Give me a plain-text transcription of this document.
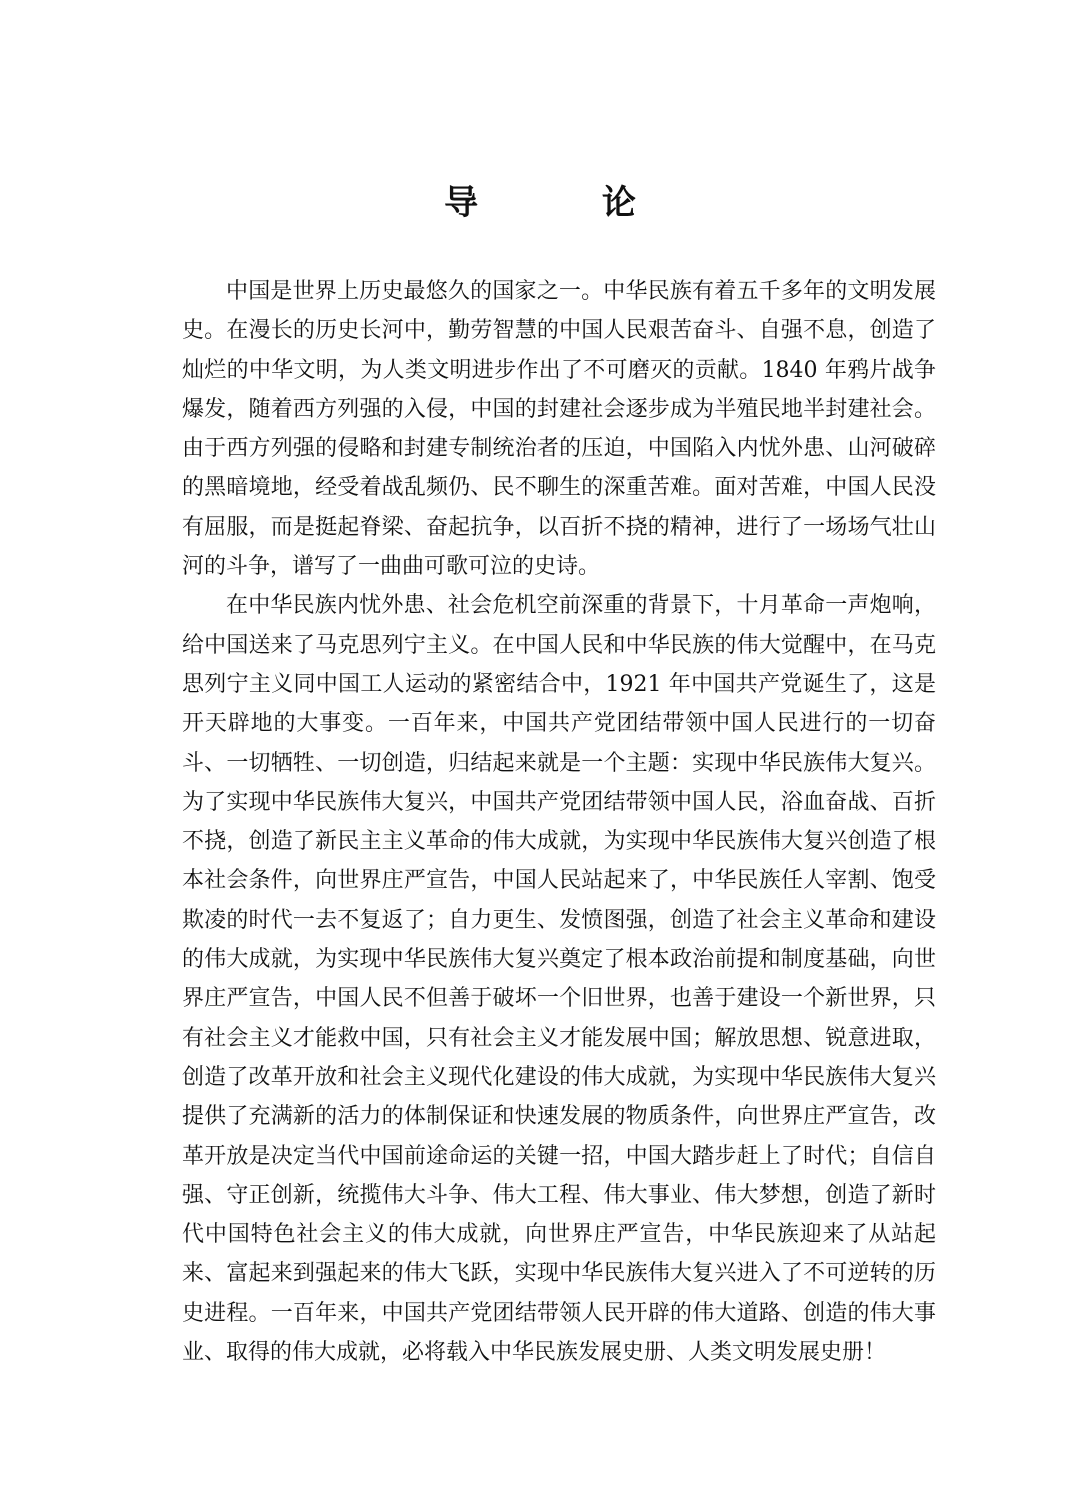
导 论

中国是世界上历史最悠久的国家之一。中华民族有着五千多年的文明发展史。在漫长的历史长河中，勤劳智慧的中国人民艰苦奋斗、自强不息，创造了灿烂的中华文明，为人类文明进步作出了不可磨灭的贡献。1840 年鸦片战争爆发，随着西方列强的入侵，中国的封建社会逐步成为半殖民地半封建社会。由于西方列强的侵略和封建专制统治者的压迫，中国陷入内忧外患、山河破碎的黑暗境地，经受着战乱频仍、民不聊生的深重苦难。面对苦难，中国人民没有屈服，而是挺起脊梁、奋起抗争，以百折不挠的精神，进行了一场场气壮山河的斗争，谱写了一曲曲可歌可泣的史诗。

在中华民族内忧外患、社会危机空前深重的背景下，十月革命一声炮响，给中国送来了马克思列宁主义。在中国人民和中华民族的伟大觉醒中，在马克思列宁主义同中国工人运动的紧密结合中，1921 年中国共产党诞生了，这是开天辟地的大事变。一百年来，中国共产党团结带领中国人民进行的一切奋斗、一切牺牲、一切创造，归结起来就是一个主题：实现中华民族伟大复兴。为了实现中华民族伟大复兴，中国共产党团结带领中国人民，浴血奋战、百折不挠，创造了新民主主义革命的伟大成就，为实现中华民族伟大复兴创造了根本社会条件，向世界庄严宣告，中国人民站起来了，中华民族任人宰割、饱受欺凌的时代一去不复返了；自力更生、发愤图强，创造了社会主义革命和建设的伟大成就，为实现中华民族伟大复兴奠定了根本政治前提和制度基础，向世界庄严宣告，中国人民不但善于破坏一个旧世界，也善于建设一个新世界，只有社会主义才能救中国，只有社会主义才能发展中国；解放思想、锐意进取，创造了改革开放和社会主义现代化建设的伟大成就，为实现中华民族伟大复兴提供了充满新的活力的体制保证和快速发展的物质条件，向世界庄严宣告，改革开放是决定当代中国前途命运的关键一招，中国大踏步赶上了时代；自信自强、守正创新，统揽伟大斗争、伟大工程、伟大事业、伟大梦想，创造了新时代中国特色社会主义的伟大成就，向世界庄严宣告，中华民族迎来了从站起来、富起来到强起来的伟大飞跃，实现中华民族伟大复兴进入了不可逆转的历史进程。一百年来，中国共产党团结带领人民开辟的伟大道路、创造的伟大事业、取得的伟大成就，必将载入中华民族发展史册、人类文明发展史册！
